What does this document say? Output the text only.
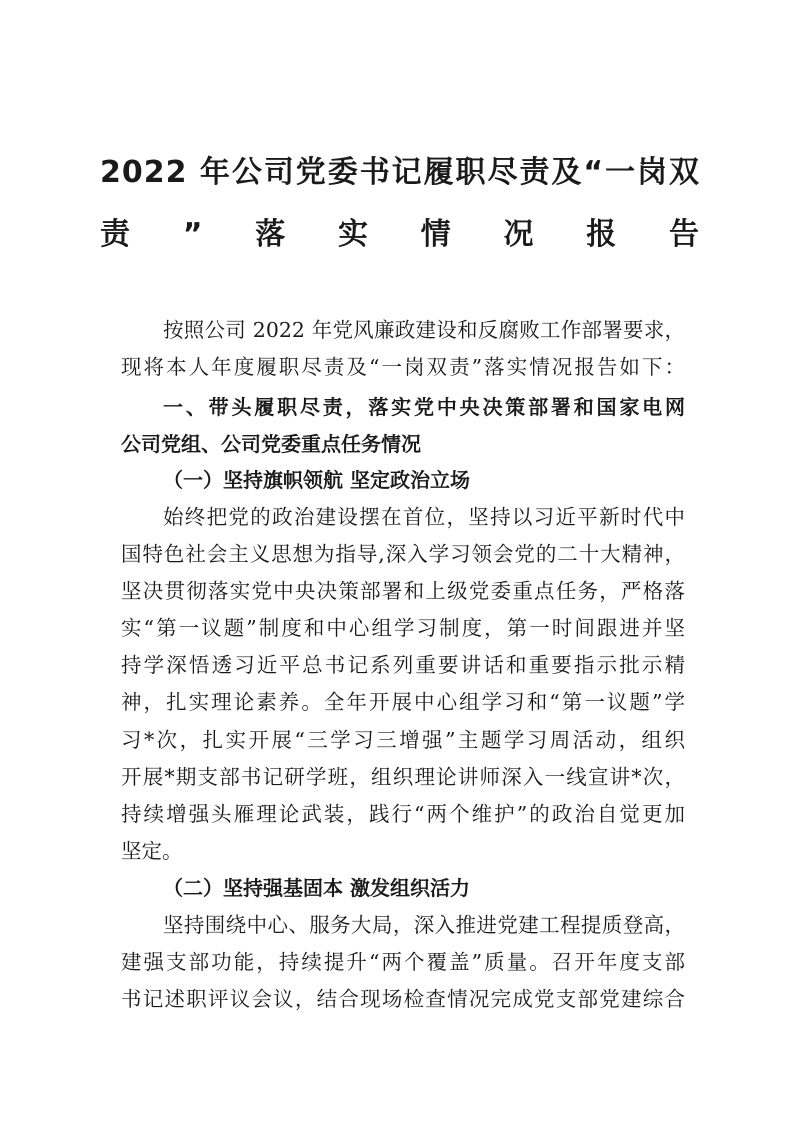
2022 年公司党委书记履职尽责及“一岗双
责”落实情况报告
按照公司 2022 年党风廉政建设和反腐败工作部署要求，
现将本人年度履职尽责及“一岗双责”落实情况报告如下：
一、带头履职尽责，落实党中央决策部署和国家电网
公司党组、公司党委重点任务情况
（一）坚持旗帜领航 坚定政治立场
始终把党的政治建设摆在首位，坚持以习近平新时代中
国特色社会主义思想为指导,深入学习领会党的二十大精神，
坚决贯彻落实党中央决策部署和上级党委重点任务，严格落
实“第一议题”制度和中心组学习制度，第一时间跟进并坚
持学深悟透习近平总书记系列重要讲话和重要指示批示精
神，扎实理论素养。全年开展中心组学习和“第一议题”学
习*次，扎实开展“三学习三增强”主题学习周活动，组织
开展*期支部书记研学班，组织理论讲师深入一线宣讲*次，
持续增强头雁理论武装，践行“两个维护”的政治自觉更加
坚定。
（二）坚持强基固本 激发组织活力
坚持围绕中心、服务大局，深入推进党建工程提质登高，
建强支部功能，持续提升“两个覆盖”质量。召开年度支部
书记述职评议会议，结合现场检查情况完成党支部党建综合
